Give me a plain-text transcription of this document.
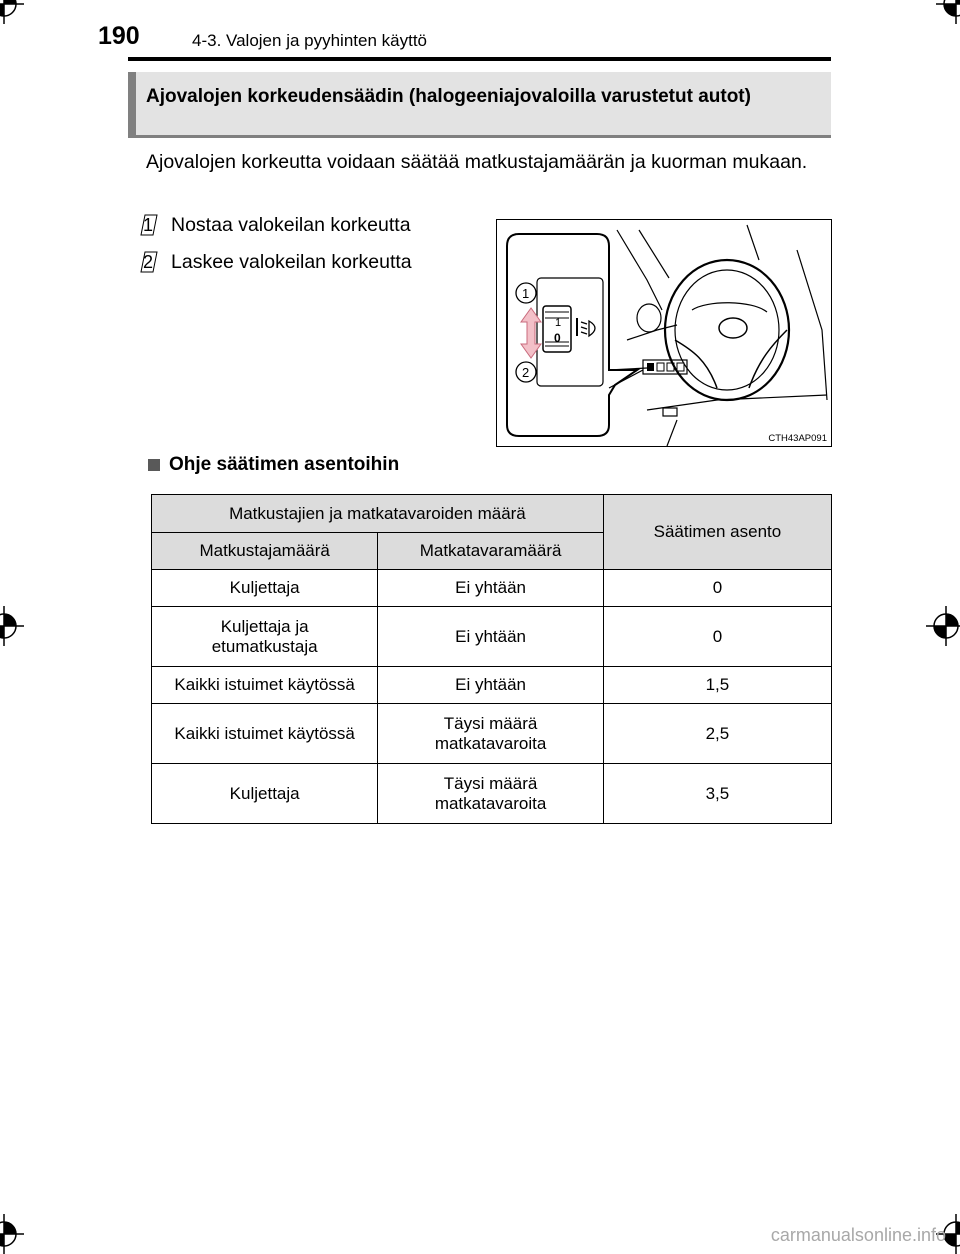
190	4-3. Valojen ja pyyhinten käyttö
Ajovalojen korkeudensäädin (halogeeniajovaloilla varustetut autot)
Ajovalojen korkeutta voidaan säätää matkustajamäärän ja kuorman mukaan.
1 Nostaa valokeilan korkeutta
2 Laskee valokeilan korkeutta
1
0
1
2
CTH43AP091
Ohje säätimen asentoihin
Matkustajien ja matkatavaroiden määrä		Säätimen asento
Matkustajamäärä	Matkatavaramäärä	
Kuljettaja	Ei yhtään	0
Kuljettaja ja
etumatkustaja	Ei yhtään	0
Kaikki istuimet käytössä	Ei yhtään	1,5
Kaikki istuimet käytössä	Täysi määrä
matkatavaroita	2,5
Kuljettaja	Täysi määrä
matkatavaroita	3,5
carmanualsonline.info
